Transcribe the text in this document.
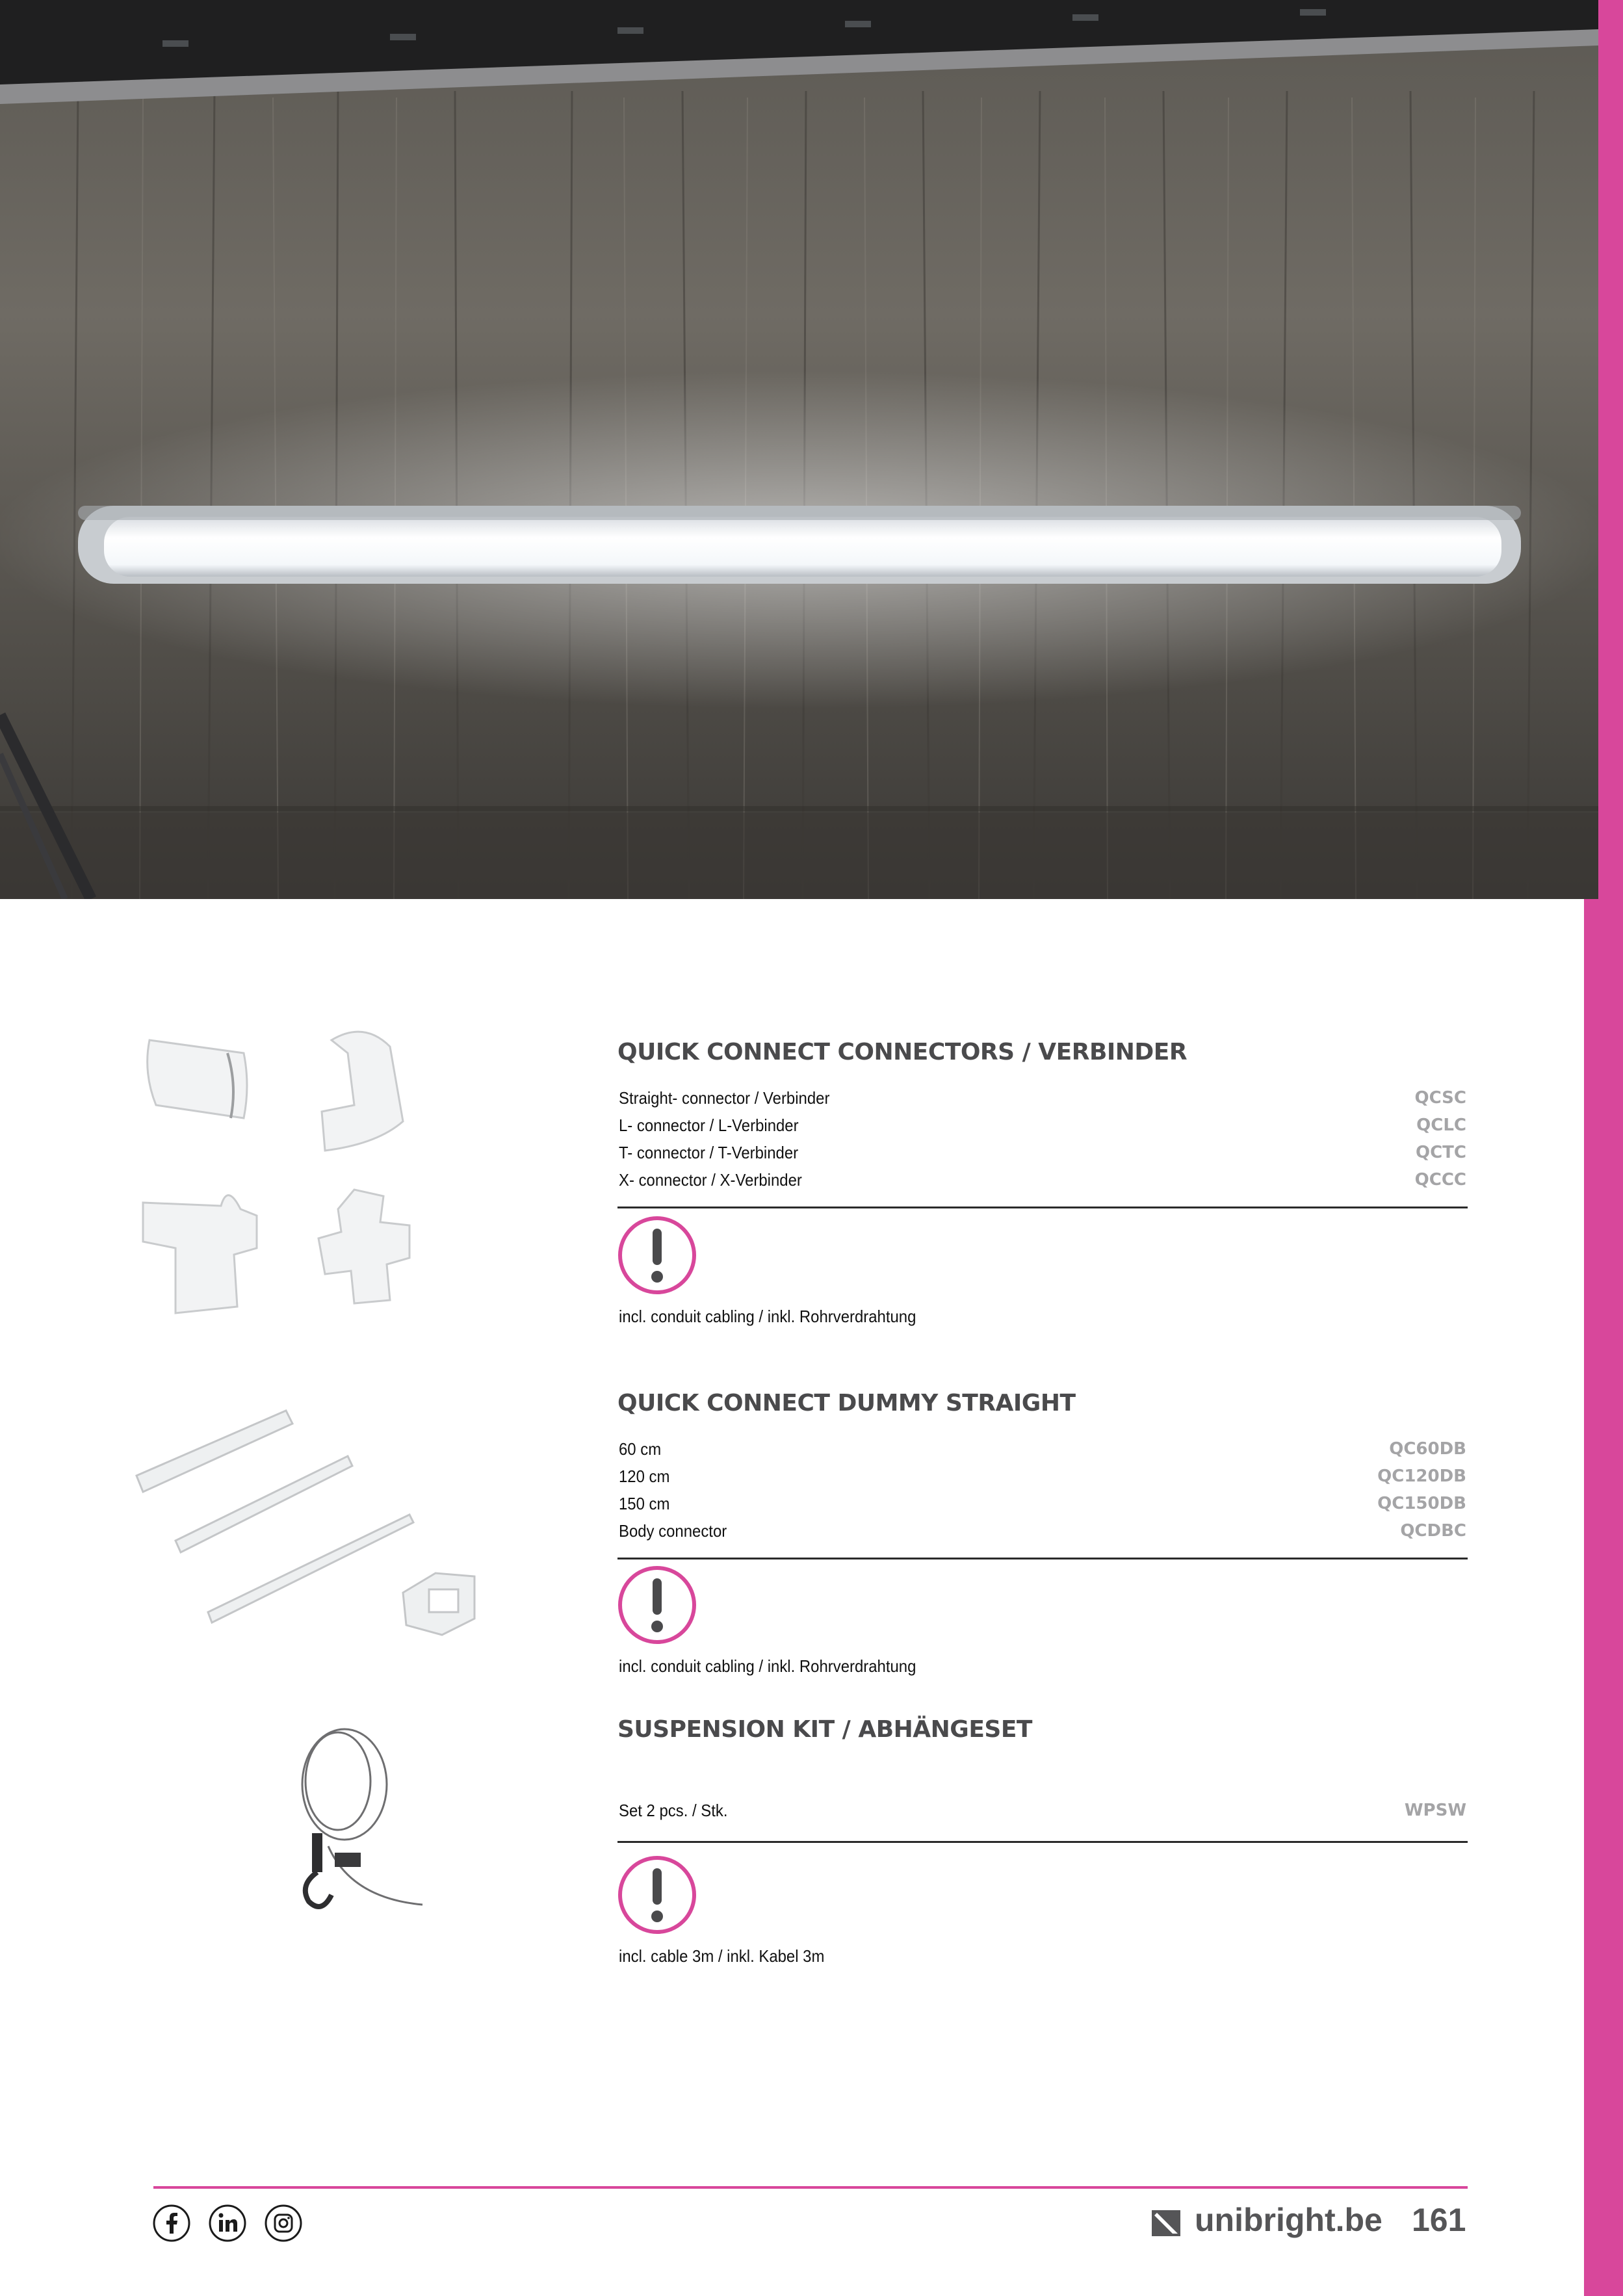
QUICK CONNECT CONNECTORS / VERBINDER
Straight- connector / Verbinder	QCSC
L- connector / L-Verbinder	QCLC
T- connector / T-Verbinder	QCTC
X- connector / X-Verbinder	QCCC
incl. conduit cabling / inkl. Rohrverdrahtung
QUICK CONNECT DUMMY STRAIGHT
60 cm	QC60DB
120 cm	QC120DB
150 cm	QC150DB
Body connector	QCDBC
incl. conduit cabling / inkl. Rohrverdrahtung
SUSPENSION KIT / ABHÄNGESET
Set 2 pcs. / Stk.	WPSW
incl. cable 3m / inkl. Kabel 3m
unibright.be 161
